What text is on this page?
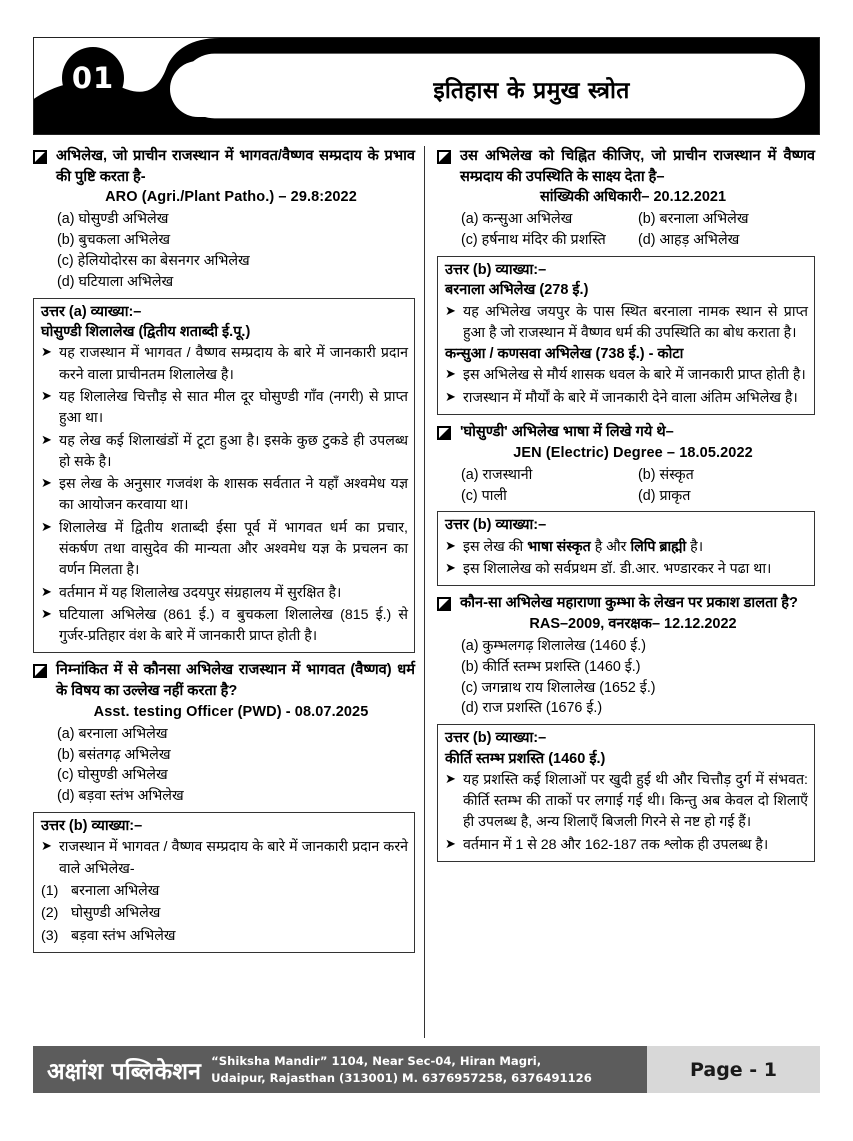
01	इतिहास के प्रमुख स्त्रोत
अभिलेख, जो प्राचीन राजस्थान में भागवत/वैष्णव सम्प्रदाय के प्रभाव की पुष्टि करता है-
ARO (Agri./Plant Patho.) – 29.8:2022
(a) घोसुण्डी अभिलेख
(b) बुचकला अभिलेख
(c) हेलियोदोरस का बेसनगर अभिलेख
(d) घटियाला अभिलेख
उत्तर (a) व्याख्या:–
घोसुण्डी शिलालेख (द्वितीय शताब्दी ई.पू.)
➤ यह राजस्थान में भागवत / वैष्णव सम्प्रदाय के बारे में जानकारी प्रदान करने वाला प्राचीनतम शिलालेख है।
➤ यह शिलालेख चित्तौड़ से सात मील दूर घोसुण्डी गाँव (नगरी) से प्राप्त हुआ था।
➤ यह लेख कई शिलाखंडों में टूटा हुआ है। इसके कुछ टुकडे ही उपलब्ध हो सके है।
➤ इस लेख के अनुसार गजवंश के शासक सर्वतात ने यहाँ अश्वमेध यज्ञ का आयोजन करवाया था।
➤ शिलालेख में द्वितीय शताब्दी ईसा पूर्व में भागवत धर्म का प्रचार, संकर्षण तथा वासुदेव की मान्यता और अश्वमेध यज्ञ के प्रचलन का वर्णन मिलता है।
➤ वर्तमान में यह शिलालेख उदयपुर संग्रहालय में सुरक्षित है।
➤ घटियाला अभिलेख (861 ई.) व बुचकला शिलालेख (815 ई.) से गुर्जर-प्रतिहार वंश के बारे में जानकारी प्राप्त होती है।
निम्नांकित में से कौनसा अभिलेख राजस्थान में भागवत (वैष्णव) धर्म के विषय का उल्लेख नहीं करता है?
Asst. testing Officer (PWD) - 08.07.2025
(a) बरनाला अभिलेख
(b) बसंतगढ़ अभिलेख
(c) घोसुण्डी अभिलेख
(d) बड़वा स्तंभ अभिलेख
उत्तर (b) व्याख्या:–
➤ राजस्थान में भागवत / वैष्णव सम्प्रदाय के बारे में जानकारी प्रदान करने वाले अभिलेख-
(1) बरनाला अभिलेख
(2) घोसुण्डी अभिलेख
(3) बड़वा स्तंभ अभिलेख
उस अभिलेख को चिह्नित कीजिए, जो प्राचीन राजस्थान में वैष्णव सम्प्रदाय की उपस्थिति के साक्ष्य देता है–
सांख्यिकी अधिकारी– 20.12.2021
(a) कन्सुआ अभिलेख	(b) बरनाला अभिलेख
(c) हर्षनाथ मंदिर की प्रशस्ति	(d) आहड़ अभिलेख
उत्तर (b) व्याख्या:–
बरनाला अभिलेख (278 ई.)
➤ यह अभिलेख जयपुर के पास स्थित बरनाला नामक स्थान से प्राप्त हुआ है जो राजस्थान में वैष्णव धर्म की उपस्थिति का बोध कराता है।
कन्सुआ / कणसवा अभिलेख (738 ई.) - कोटा
➤ इस अभिलेख से मौर्य शासक धवल के बारे में जानकारी प्राप्त होती है।
➤ राजस्थान में मौर्यों के बारे में जानकारी देने वाला अंतिम अभिलेख है।
'घोसुण्डी' अभिलेख भाषा में लिखे गये थे–
JEN (Electric) Degree – 18.05.2022
(a) राजस्थानी	(b) संस्कृत
(c) पाली	(d) प्राकृत
उत्तर (b) व्याख्या:–
➤ इस लेख की भाषा संस्कृत है और लिपि ब्राह्मी है।
➤ इस शिलालेख को सर्वप्रथम डॉ. डी.आर. भण्डारकर ने पढा था।
कौन-सा अभिलेख महाराणा कुम्भा के लेखन पर प्रकाश डालता है?
RAS–2009, वनरक्षक– 12.12.2022
(a) कुम्भलगढ़ शिलालेख (1460 ई.)
(b) कीर्ति स्तम्भ प्रशस्ति (1460 ई.)
(c) जगन्नाथ राय शिलालेख (1652 ई.)
(d) राज प्रशस्ति (1676 ई.)
उत्तर (b) व्याख्या:–
कीर्ति स्तम्भ प्रशस्ति (1460 ई.)
➤ यह प्रशस्ति कई शिलाओं पर खुदी हुई थी और चित्तौड़ दुर्ग में संभवत: कीर्ति स्तम्भ की ताकों पर लगाई गई थी। किन्तु अब केवल दो शिलाएँ ही उपलब्ध है, अन्य शिलाएँ बिजली गिरने से नष्ट हो गई हैं।
➤ वर्तमान में 1 से 28 और 162-187 तक श्लोक ही उपलब्ध है।
अक्षांश पब्लिकेशन “Shiksha Mandir” 1104, Near Sec-04, Hiran Magri,
Udaipur, Rajasthan (313001) M. 6376957258, 6376491126	Page - 1
